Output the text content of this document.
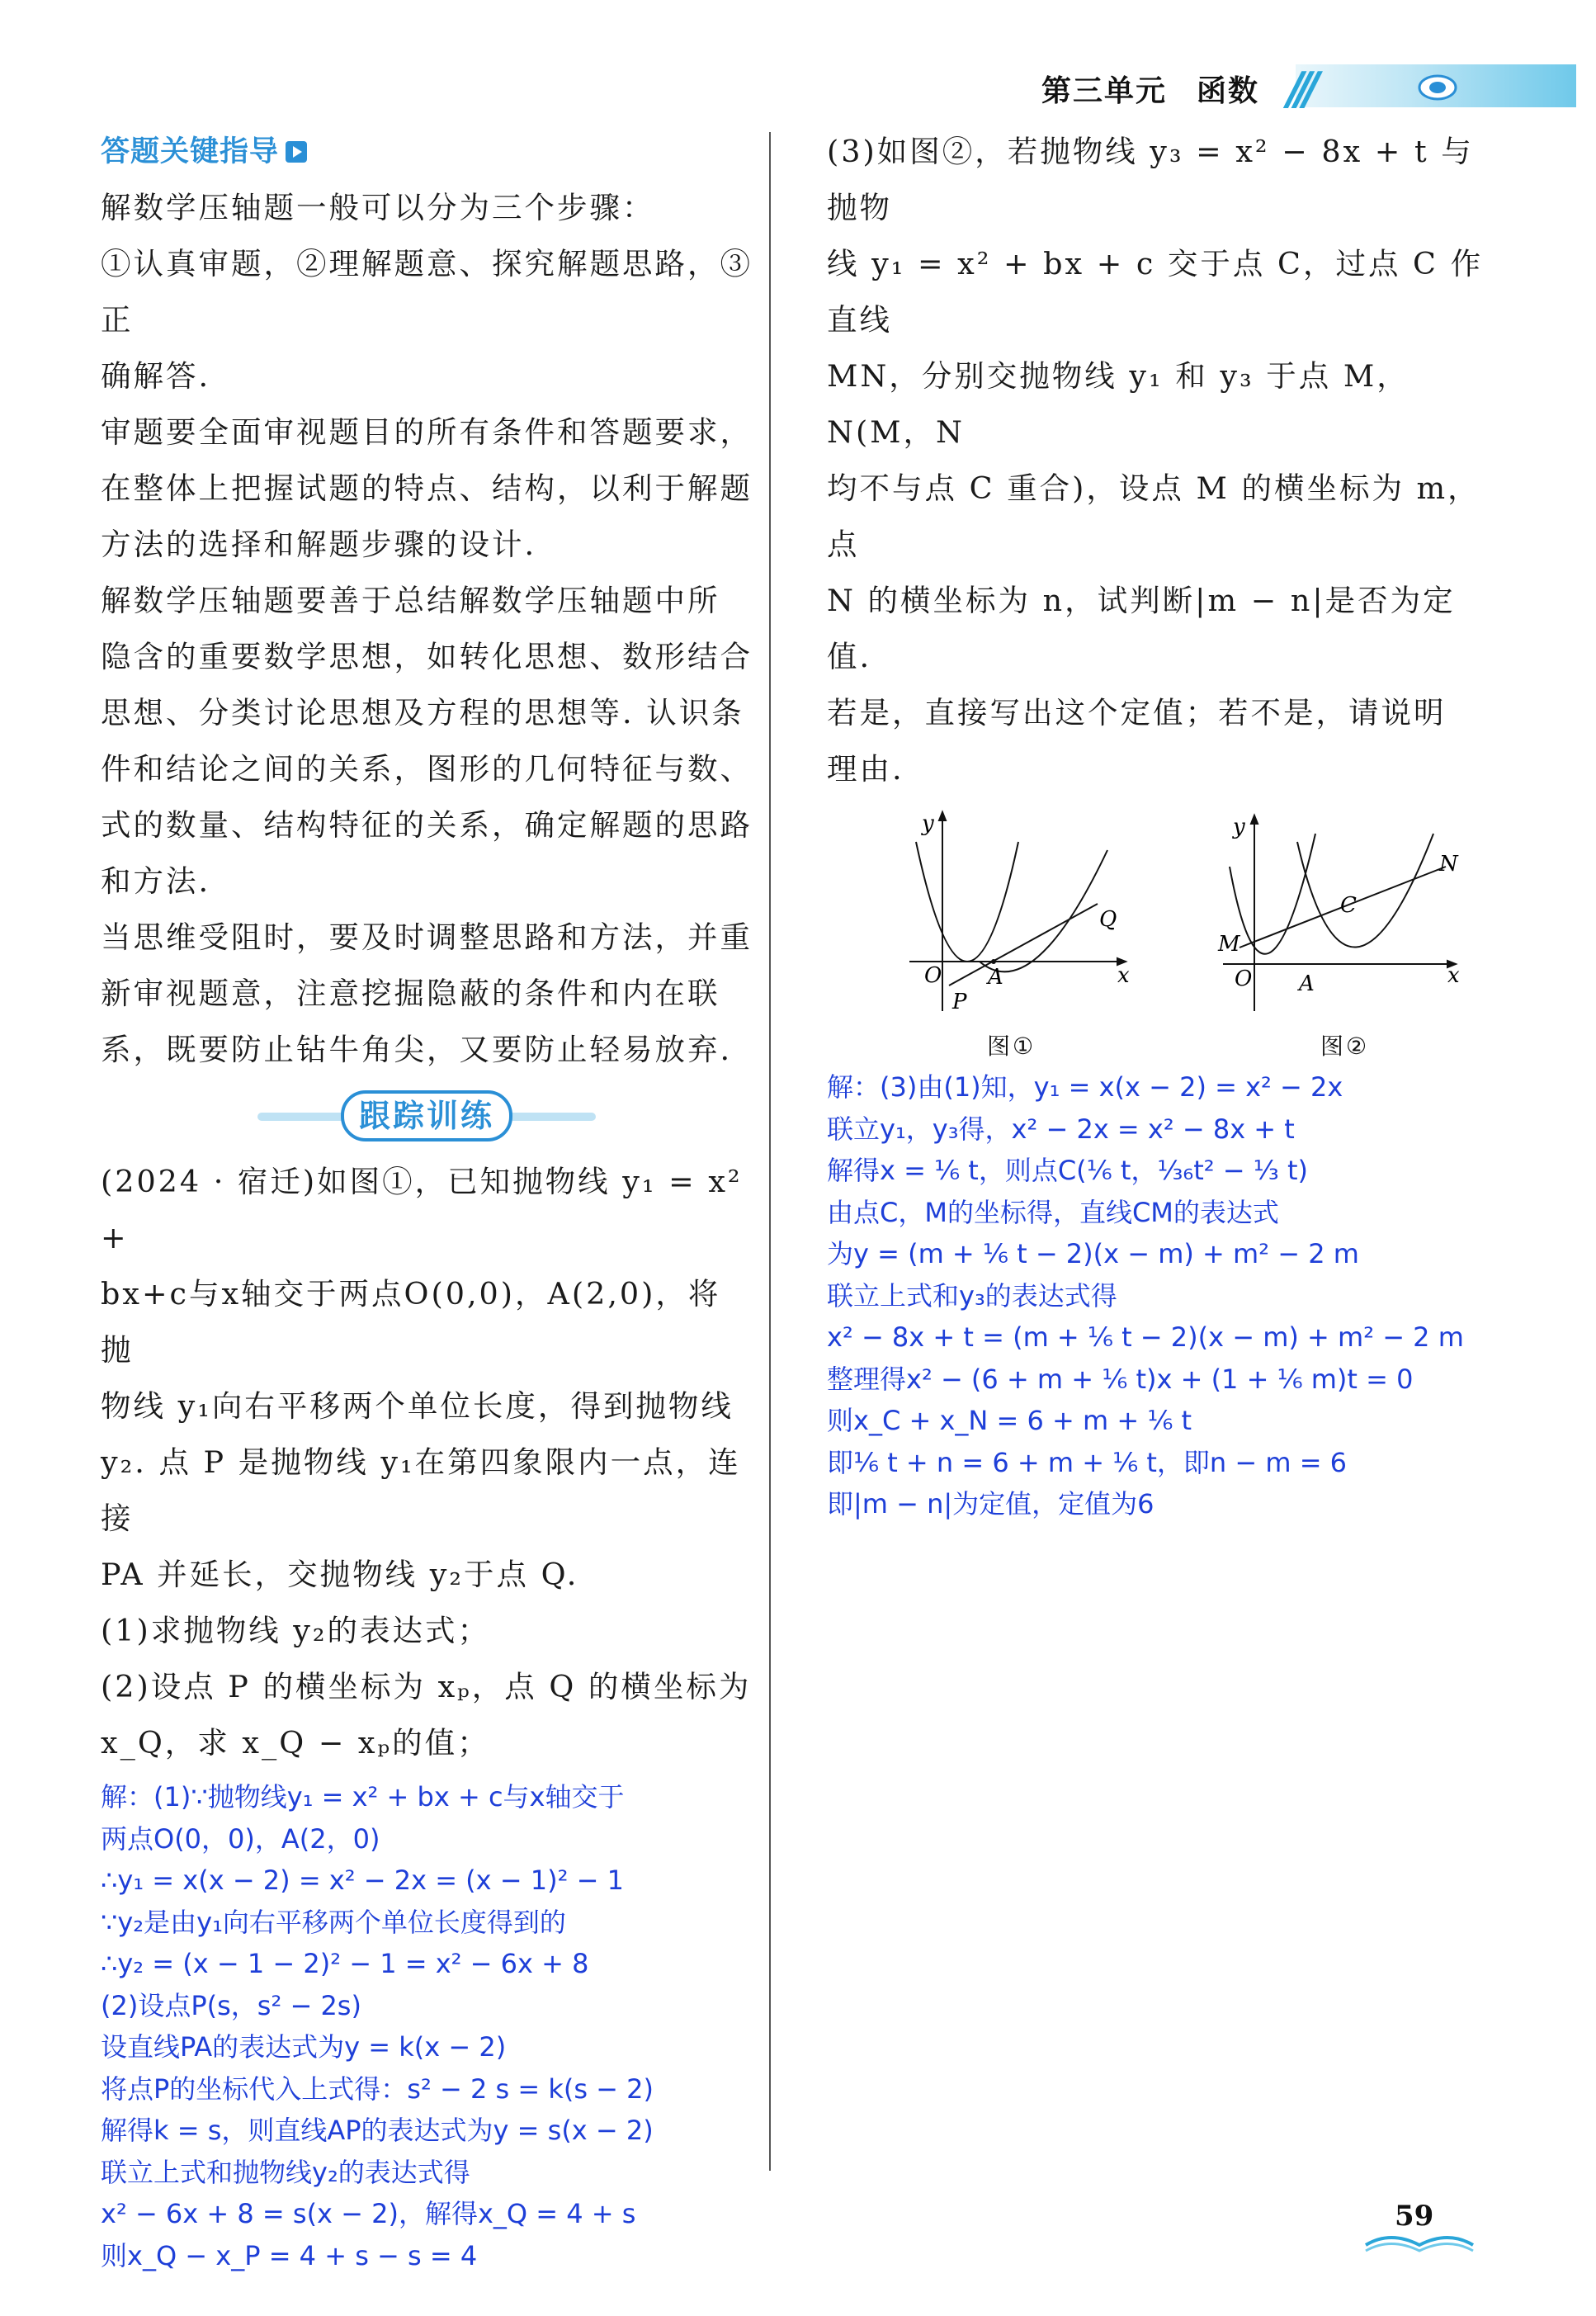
///
第三单元 函数
答题关键指导

解数学压轴题一般可以分为三个步骤：

①认真审题，②理解题意、探究解题思路，③正

确解答.

审题要全面审视题目的所有条件和答题要求，

在整体上把握试题的特点、结构，以利于解题

方法的选择和解题步骤的设计.

解数学压轴题要善于总结解数学压轴题中所

隐含的重要数学思想，如转化思想、数形结合

思想、分类讨论思想及方程的思想等. 认识条

件和结论之间的关系，图形的几何特征与数、

式的数量、结构特征的关系，确定解题的思路

和方法.

当思维受阻时，要及时调整思路和方法，并重

新审视题意，注意挖掘隐蔽的条件和内在联

系，既要防止钻牛角尖，又要防止轻易放弃.

跟踪训练

(2024 · 宿迁)如图①，已知抛物线 y₁ = x² +

bx+c与x轴交于两点O(0,0)，A(2,0)，将抛

物线 y₁向右平移两个单位长度，得到抛物线

y₂. 点 P 是抛物线 y₁在第四象限内一点，连接

PA 并延长，交抛物线 y₂于点 Q.

(1)求抛物线 y₂的表达式；

(2)设点 P 的横坐标为 xₚ，点 Q 的横坐标为

x_Q，求 x_Q − xₚ的值；

解：(1)∵抛物线y₁ = x² + bx + c与x轴交于

两点O(0，0)，A(2，0)

∴y₁ = x(x − 2) = x² − 2x = (x − 1)² − 1

∵y₂是由y₁向右平移两个单位长度得到的

∴y₂ = (x − 1 − 2)² − 1 = x² − 6x + 8

(2)设点P(s，s² − 2s)

设直线PA的表达式为y = k(x − 2)

将点P的坐标代入上式得：s² − 2 s = k(s − 2)

解得k = s，则直线AP的表达式为y = s(x − 2)

联立上式和抛物线y₂的表达式得

x² − 6x + 8 = s(x − 2)，解得x_Q = 4 + s

则x_Q − x_P = 4 + s − s = 4

(3)如图②，若抛物线 y₃ = x² − 8x + t 与抛物

线 y₁ = x² + bx + c 交于点 C，过点 C 作直线

MN，分别交抛物线 y₁ 和 y₃ 于点 M，N(M，N

均不与点 C 重合)，设点 M 的横坐标为 m，点

N 的横坐标为 n，试判断|m − n|是否为定值.

若是，直接写出这个定值；若不是，请说明

理由.

y
x
O A
P
Q
图①
y
x
O A
M
C
N
图②

解：(3)由(1)知，y₁ = x(x − 2) = x² − 2x

联立y₁，y₃得，x² − 2x = x² − 8x + t

解得x = ⅙ t，则点C(⅙ t，¹⁄₃₆t² − ⅓ t)

由点C，M的坐标得，直线CM的表达式

为y = (m + ⅙ t − 2)(x − m) + m² − 2 m

联立上式和y₃的表达式得

x² − 8x + t = (m + ⅙ t − 2)(x − m) + m² − 2 m

整理得x² − (6 + m + ⅙ t)x + (1 + ⅙ m)t = 0

则x_C + x_N = 6 + m + ⅙ t

即⅙ t + n = 6 + m + ⅙ t，即n − m = 6

即|m − n|为定值，定值为6

59
